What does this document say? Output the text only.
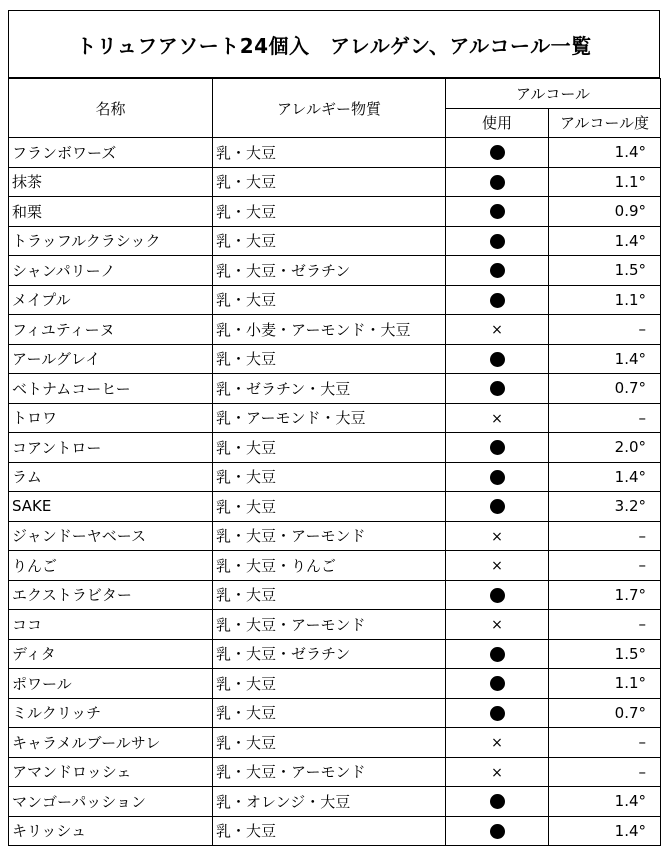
トリュフアソート24個入　アレルゲン、アルコール一覧
名称	アレルギー物質	アルコール	
		使用	アルコール度
フランボワーズ	乳・大豆		1.4°
抹茶	乳・大豆		1.1°
和栗	乳・大豆		0.9°
トラッフルクラシック	乳・大豆		1.4°
シャンパリーノ	乳・大豆・ゼラチン		1.5°
メイプル	乳・大豆		1.1°
フィユティーヌ	乳・小麦・アーモンド・大豆	×	–
アールグレイ	乳・大豆		1.4°
ベトナムコーヒー	乳・ゼラチン・大豆		0.7°
トロワ	乳・アーモンド・大豆	×	–
コアントロー	乳・大豆		2.0°
ラム	乳・大豆		1.4°
SAKE	乳・大豆		3.2°
ジャンドーヤベース	乳・大豆・アーモンド	×	–
りんご	乳・大豆・りんご	×	–
エクストラビター	乳・大豆		1.7°
ココ	乳・大豆・アーモンド	×	–
ディタ	乳・大豆・ゼラチン		1.5°
ポワール	乳・大豆		1.1°
ミルクリッチ	乳・大豆		0.7°
キャラメルブールサレ	乳・大豆	×	–
アマンドロッシェ	乳・大豆・アーモンド	×	–
マンゴーパッション	乳・オレンジ・大豆		1.4°
キリッシュ	乳・大豆		1.4°
